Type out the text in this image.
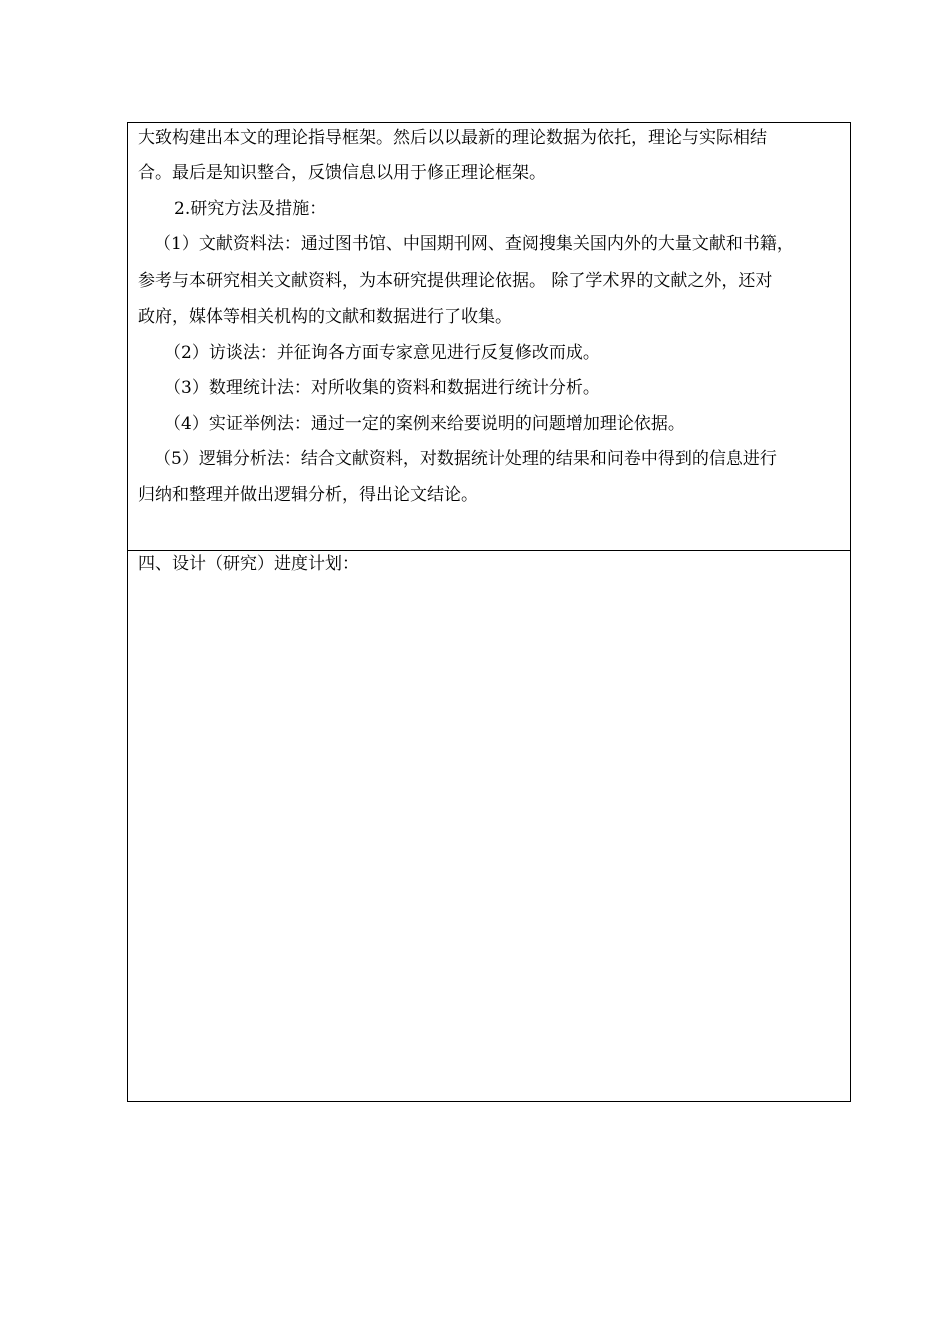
大致构建出本文的理论指导框架。然后以以最新的理论数据为依托，理论与实际相结
合。最后是知识整合，反馈信息以用于修正理论框架。
2.研究方法及措施：
（1）文献资料法：通过图书馆、中国期刊网、查阅搜集关国内外的大量文献和书籍，
参考与本研究相关文献资料，为本研究提供理论依据。 除了学术界的文献之外，还对
政府，媒体等相关机构的文献和数据进行了收集。
（2）访谈法：并征询各方面专家意见进行反复修改而成。
（3）数理统计法：对所收集的资料和数据进行统计分析。
（4）实证举例法：通过一定的案例来给要说明的问题增加理论依据。
（5）逻辑分析法：结合文献资料，对数据统计处理的结果和问卷中得到的信息进行
归纳和整理并做出逻辑分析，得出论文结论。
四、设计（研究）进度计划：
